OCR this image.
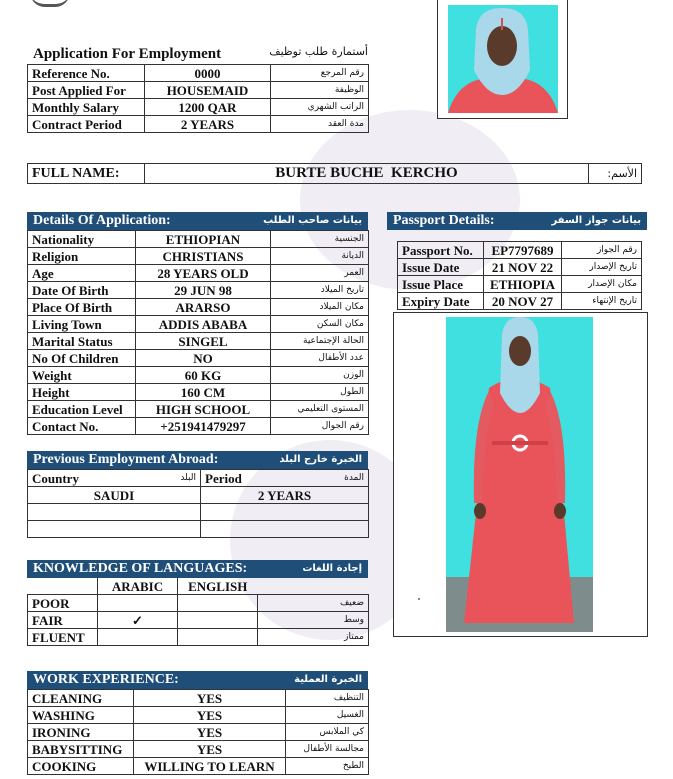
Application For Employment	أستمارة طلب توظيف
Reference No.	0000	رقم المرجع
Post Applied For	HOUSEMAID	الوظيفة
Monthly Salary	1200 QAR	الراتب الشهري
Contract Period	2 YEARS	مدة العقد
FULL NAME:	BURTE BUCHE  KERCHO	الأسم:
Details Of Application:	بيانات صاحب الطلب
Nationality	ETHIOPIAN	الجنسية
Religion	CHRISTIANS	الديانة
Age	28 YEARS OLD	العمر
Date Of Birth	29 JUN 98	تاريخ الميلاد
Place Of Birth	ARARSO	مكان الميلاد
Living Town	ADDIS ABABA	مكان السكن
Marital Status	SINGEL	الحالة الإجتماعية
No Of Children	NO	عدد الأطفال
Weight	60 KG	الوزن
Height	160 CM	الطول
Education Level	HIGH SCHOOL	المستوى التعليمي
Contact No.	+251941479297	رقم الجوال
Passport Details:	بيانات جواز السفر
Passport No.	EP7797689	رقم الجواز
Issue Date	21 NOV 22	تاريخ الإصدار
Issue Place	ETHIOPIA	مكان الإصدار
Expiry Date	20 NOV 27	تاريخ الإنتهاء
Previous Employment Abroad:	الخبرة خارج البلد
Country البلد	Period المدة

SAUDI	2 YEARS

KNOWLEDGE OF LANGUAGES:	إجادة اللغات
	ARABIC	ENGLISH	
POOR			ضعيف
FAIR	✓		وسط
FLUENT			ممتاز
WORK EXPERIENCE:	الخبرة العملية
CLEANING	YES	التنظيف
WASHING	YES	الغسيل
IRONING	YES	كي الملابس
BABYSITTING	YES	مجالسة الأطفال
COOKING	WILLING TO LEARN	الطبخ
